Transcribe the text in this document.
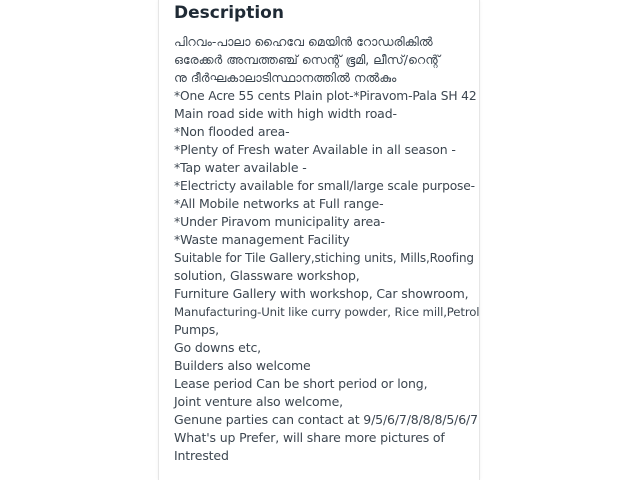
Description
പിറവം-പാലാ ഹൈവേ മെയിൻ റോഡരികിൽ
ഒരേക്കർ അമ്പത്തഞ്ച് സെന്റ് ഭൂമി, ലീസ്/റെന്റ്
നു ദീർഘകാലാടിസ്ഥാനത്തിൽ നൽകും
*One Acre 55 cents Plain plot-*Piravom-Pala SH 42
Main road side with high width road-
*Non flooded area-
*Plenty of Fresh water Available in all season -
*Tap water available -
*Electricty available for small/large scale purpose-
*All Mobile networks at Full range-
*Under Piravom municipality area-
*Waste management Facility
Suitable for Tile Gallery,stiching units, Mills,Roofing
solution, Glassware workshop,
Furniture Gallery with workshop, Car showroom,
Manufacturing-Unit like curry powder, Rice mill,Petrol
Pumps,
Go downs etc,
Builders also welcome
Lease period Can be short period or long,
Joint venture also welcome,
Genune parties can contact at 9/5/6/7/8/8/8/5/6/7
What's up Prefer, will share more pictures of
Intrested
